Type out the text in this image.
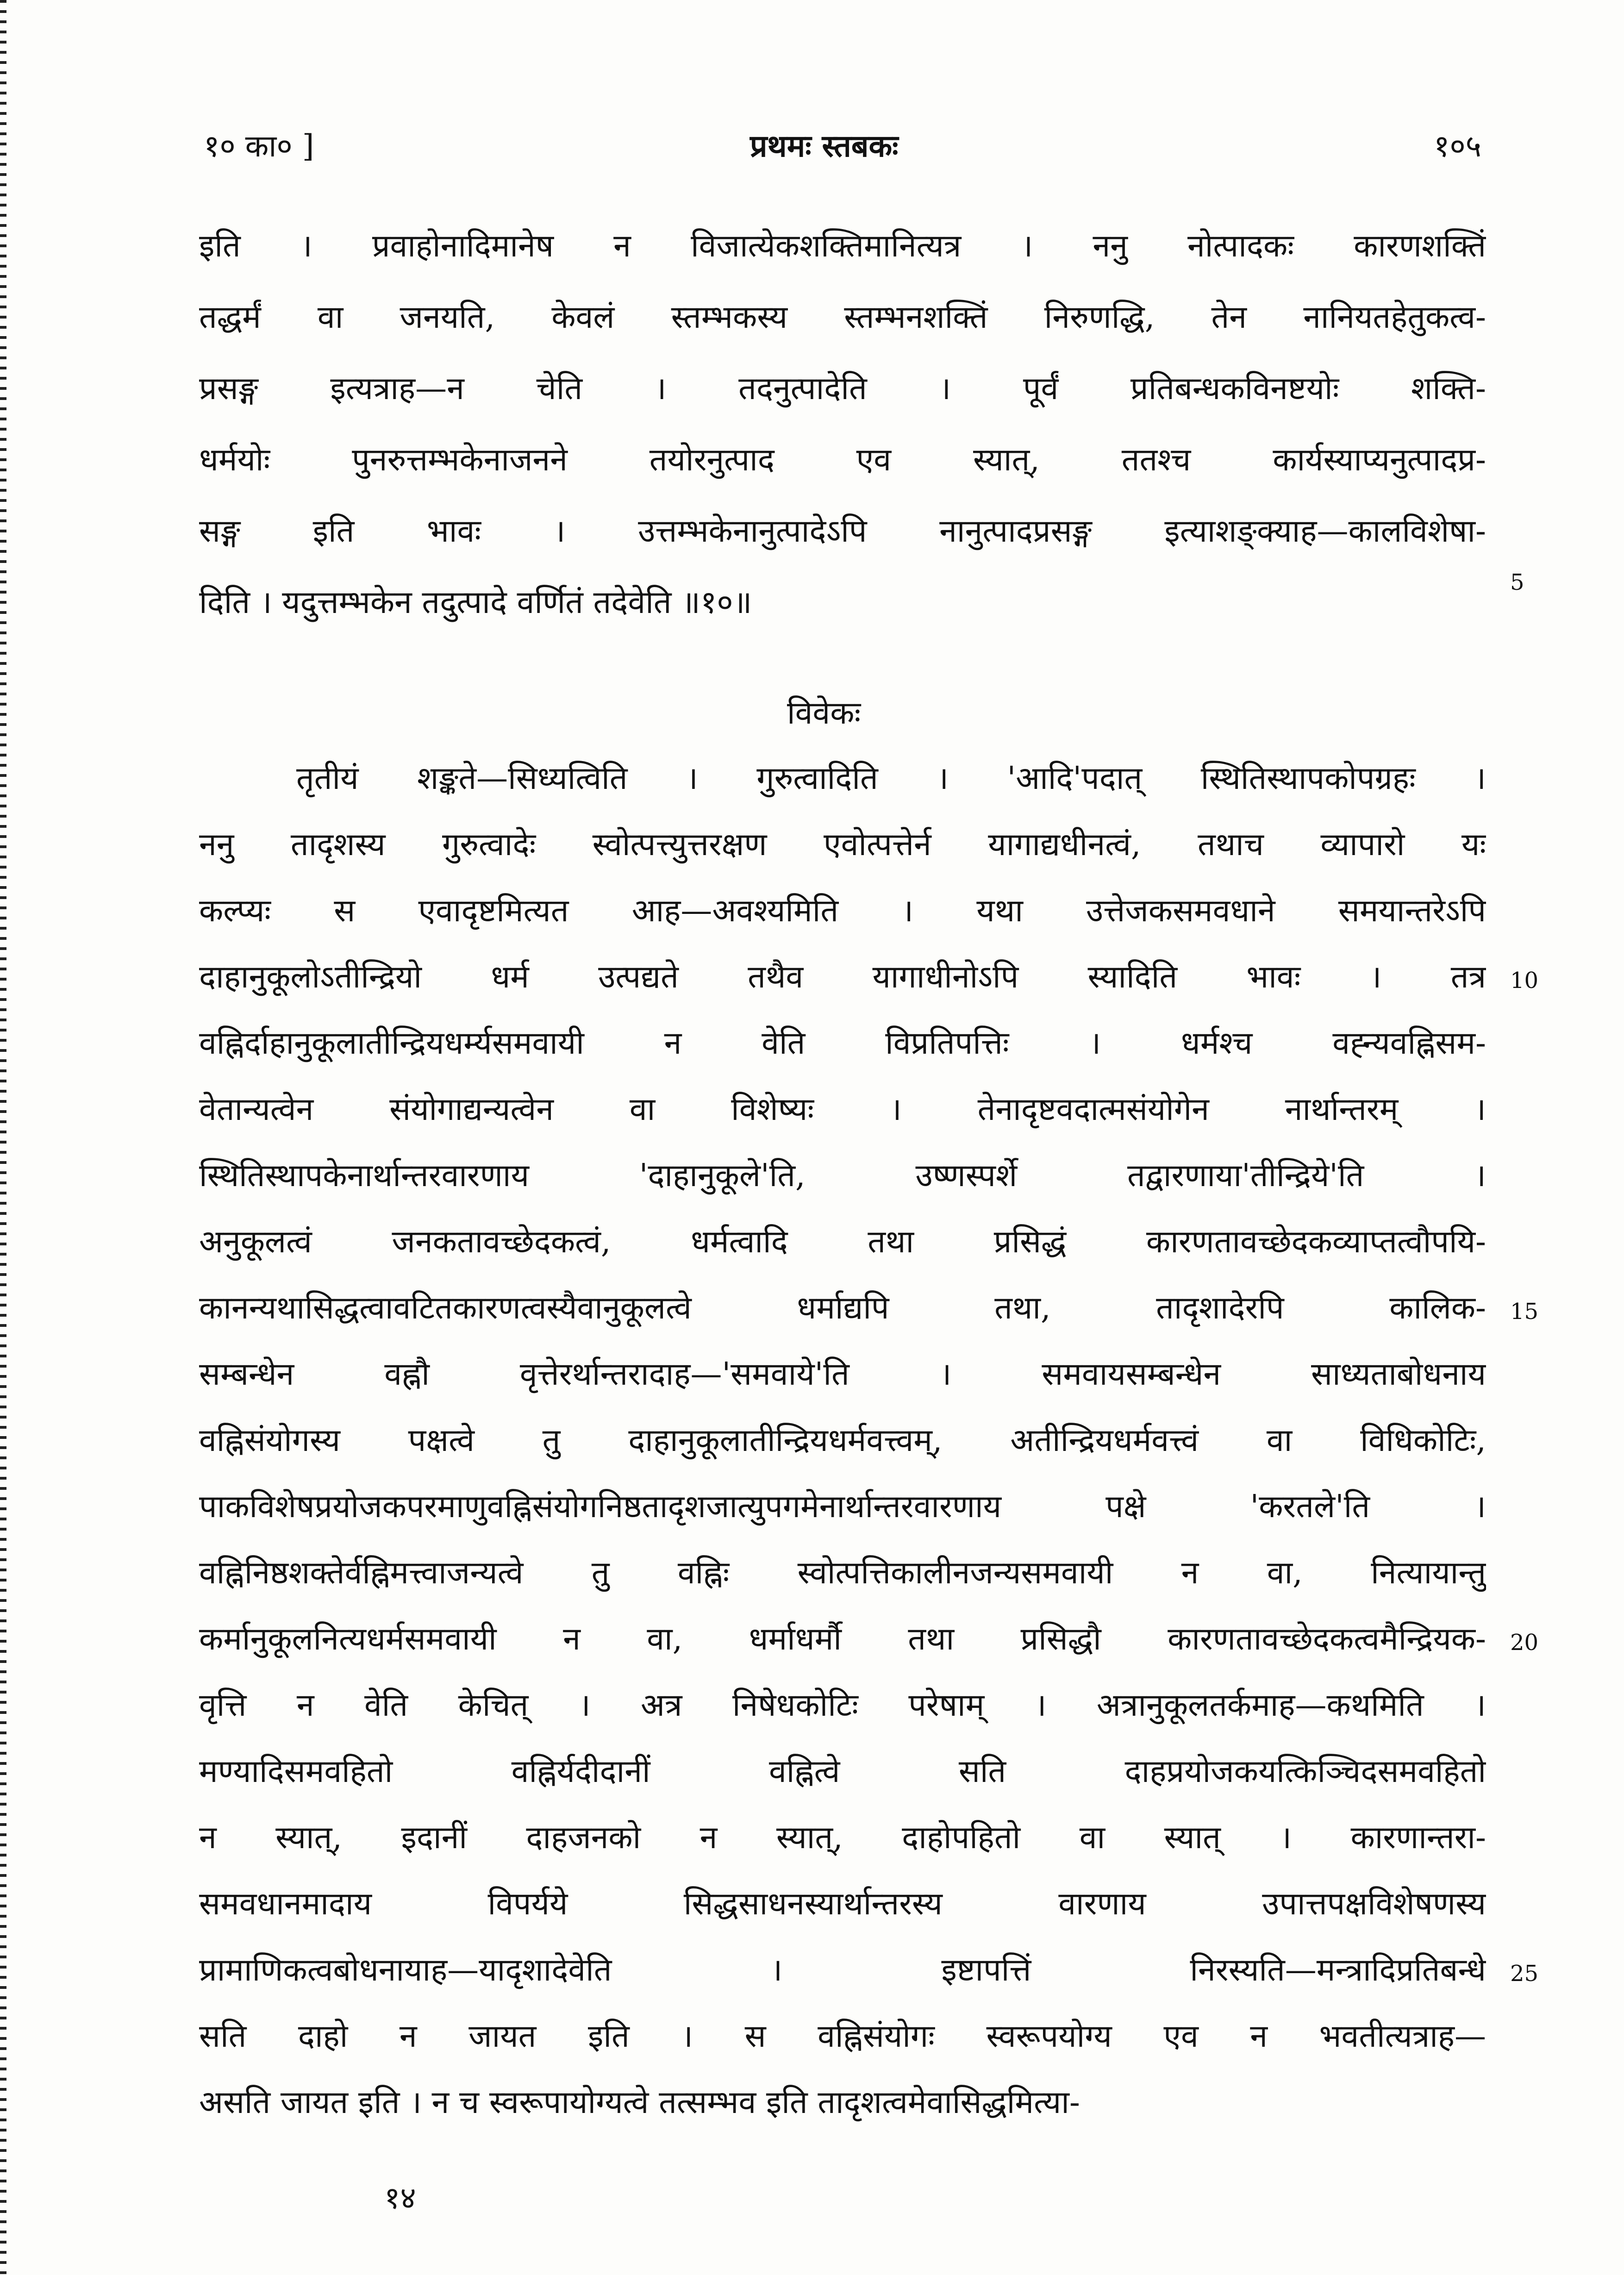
१० का० ]	प्रथमः स्तबकः	१०५
इति । प्रवाहोनादिमानेष न विजात्येकशक्तिमानित्यत्र । ननु नोत्पादकः कारणशक्तिं
तद्धर्मं वा जनयति, केवलं स्तम्भकस्य स्तम्भनशक्तिं निरुणद्धि, तेन नानियतहेतुकत्व-
प्रसङ्ग इत्यत्राह—न चेति । तदनुत्पादेति । पूर्वं प्रतिबन्धकविनष्टयोः शक्ति-
धर्मयोः पुनरुत्तम्भकेनाजनने तयोरनुत्पाद एव स्यात्, ततश्च कार्यस्याप्यनुत्पादप्र-
सङ्ग इति भावः । उत्तम्भकेनानुत्पादेऽपि नानुत्पादप्रसङ्ग इत्याशङ्क्याह—कालविशेषा-
दिति । यदुत्तम्भकेन तदुत्पादे वर्णितं तदेवेति ॥१०॥
विवेकः
तृतीयं शङ्कते—सिध्यत्विति । गुरुत्वादिति । 'आदि'पदात् स्थितिस्थापकोपग्रहः ।
ननु तादृशस्य गुरुत्वादेः स्वोत्पत्त्युत्तरक्षण एवोत्पत्तेर्न यागाद्यधीनत्वं, तथाच व्यापारो यः
कल्प्यः स एवादृष्टमित्यत आह—अवश्यमिति । यथा उत्तेजकसमवधाने समयान्तरेऽपि
दाहानुकूलोऽतीन्द्रियो धर्म उत्पद्यते तथैव यागाधीनोऽपि स्यादिति भावः । तत्र
वह्निर्दाहानुकूलातीन्द्रियधर्म्यसमवायी न वेति विप्रतिपत्तिः । धर्मश्च वह्न्यवह्निसम-
वेतान्यत्वेन संयोगाद्यन्यत्वेन वा विशेष्यः । तेनादृष्टवदात्मसंयोगेन नार्थान्तरम् ।
स्थितिस्थापकेनार्थान्तरवारणाय 'दाहानुकूले'ति, उष्णस्पर्शे तद्वारणाया'तीन्द्रिये'ति ।
अनुकूलत्वं जनकतावच्छेदकत्वं, धर्मत्वादि तथा प्रसिद्धं कारणतावच्छेदकव्याप्तत्वौपयि-
कानन्यथासिद्धत्वावटितकारणत्वस्यैवानुकूलत्वे धर्माद्यपि तथा, तादृशादेरपि कालिक-
सम्बन्धेन वह्नौ वृत्तेरर्थान्तरादाह—'समवाये'ति । समवायसम्बन्धेन साध्यताबोधनाय
वह्निसंयोगस्य पक्षत्वे तु दाहानुकूलातीन्द्रियधर्मवत्त्वम्, अतीन्द्रियधर्मवत्त्वं वा विधिकोटिः,
पाकविशेषप्रयोजकपरमाणुवह्निसंयोगनिष्ठतादृशजात्युपगमेनार्थान्तरवारणाय पक्षे 'करतले'ति ।
वह्निनिष्ठशक्तेर्वह्निमत्त्वाजन्यत्वे तु वह्निः स्वोत्पत्तिकालीनजन्यसमवायी न वा, नित्यायान्तु
कर्मानुकूलनित्यधर्मसमवायी न वा, धर्माधर्मौ तथा प्रसिद्धौ कारणतावच्छेदकत्वमैन्द्रियक-
वृत्ति न वेति केचित् । अत्र निषेधकोटिः परेषाम् । अत्रानुकूलतर्कमाह—कथमिति ।
मण्यादिसमवहितो वह्निर्यदीदानीं वह्नित्वे सति दाहप्रयोजकयत्किञ्चिदसमवहितो
न स्यात्, इदानीं दाहजनको न स्यात्, दाहोपहितो वा स्यात् । कारणान्तरा-
समवधानमादाय विपर्यये सिद्धसाधनस्यार्थान्तरस्य वारणाय उपात्तपक्षविशेषणस्य
प्रामाणिकत्वबोधनायाह—यादृशादेवेति । इष्टापत्तिं निरस्यति—मन्त्रादिप्रतिबन्धे
सति दाहो न जायत इति । स वह्निसंयोगः स्वरूपयोग्य एव न भवतीत्यत्राह—
असति जायत इति । न च स्वरूपायोग्यत्वे तत्सम्भव इति तादृशत्वमेवासिद्धमित्या-
5
10
15
20
25
१४
